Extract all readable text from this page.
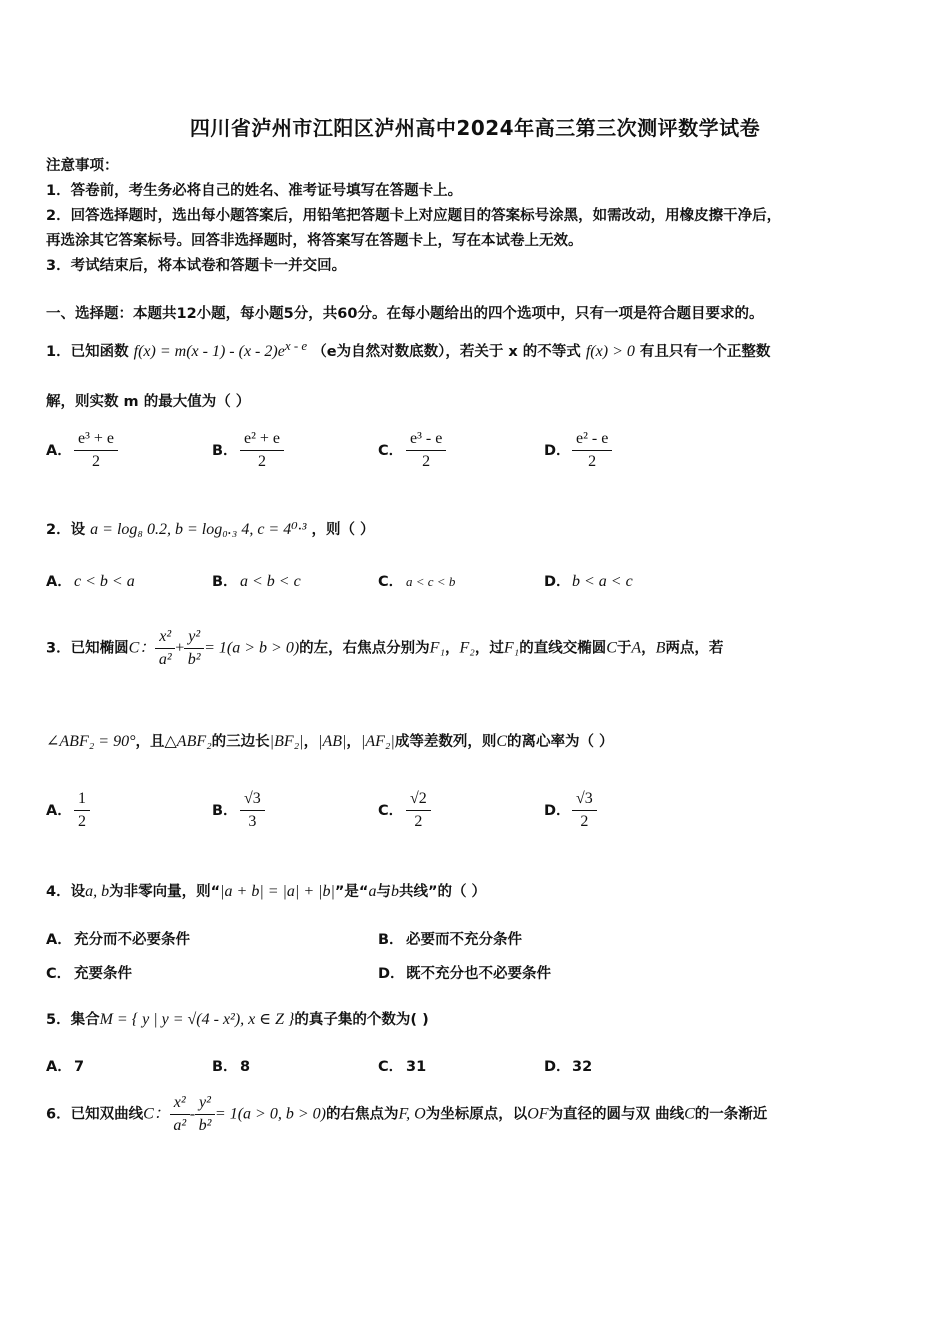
四川省泸州市江阳区泸州高中2024年高三第三次测评数学试卷
注意事项：
1．答卷前，考生务必将自己的姓名、准考证号填写在答题卡上。
2．回答选择题时，选出每小题答案后，用铅笔把答题卡上对应题目的答案标号涂黑，如需改动，用橡皮擦干净后，
再选涂其它答案标号。回答非选择题时，将答案写在答题卡上，写在本试卷上无效。
3．考试结束后，将本试卷和答题卡一并交回。
一、选择题：本题共12小题，每小题5分，共60分。在每小题给出的四个选项中，只有一项是符合题目要求的。
1．已知函数 $f(x) = m(x - 1) - (x - 2)e^{x - e}$ （e为自然对数底数），若关于 x 的不等式 f(x) > 0 有且只有一个正整数
解，则实数 m 的最大值为（ ）
A． $\frac{\text{e³ + e}}{2}$	B． $\frac{\text{e² + e}}{2}$	C． $\frac{\text{e³ - e}}{2}$	D． $\frac{\text{e² - e}}{2}$
2．设 a = log₈ 0.2, b = log₀.₃ 4, c = 4⁰·³ ，则（ ）
A． c < b < a	B． a < b < c	C． a < c < b	D．b < a < c
3．已知椭圆C： $\frac{\text{x²}}{\text{a²}} + \frac{\text{y²}}{\text{b²}} = 1(a > b > 0)$的左，右焦点分别为F₁，F₂，过F₁的直线交椭圆C于A，B两点，若
∠ABF₂ = 90°，且△ABF₂的三边长|BF₂|，|AB|，|AF₂|成等差数列，则C的离心率为（ ）
A． $\frac{1}{2}$	B． $\frac{√3}{3}$	C． $\frac{√2}{2}$	D． $\frac{√3}{2}$
4．设a, b为非零向量，则“|a + b| = |a| + |b|”是“a与b共线”的（ ）
A． 充分而不必要条件	B． 必要而不充分条件
C． 充要条件	D．既不充分也不必要条件
5．集合M = { y | y = √(4 - x²), x ∈ Z }的真子集的个数为( )
A． 7	B． 8	C． 31	D．32
6．已知双曲线C： $\frac{\text{x²}}{\text{a²}} - \frac{\text{y²}}{\text{b²}} = 1(a > 0$, b > 0)的右焦点为F, O为坐标原点，以OF为直径的圆与双 曲线C的一条渐近
